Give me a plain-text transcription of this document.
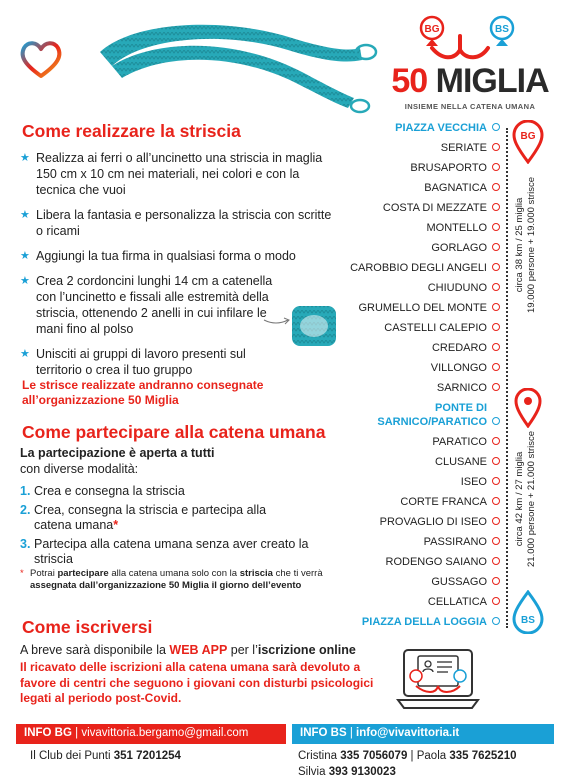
BG	BS
50 MIGLIA
INSIEME NELLA CATENA UMANA
Come realizzare la striscia
★ Realizza ai ferri o all’uncinetto una striscia in maglia 150 cm x 10 cm nei materiali, nei colori e con la tecnica che vuoi
★ Libera la fantasia e personalizza la striscia con scritte o ricami
★ Aggiungi la tua firma in qualsiasi forma o modo
★ Crea 2 cordoncini lunghi 14 cm a catenella con l’uncinetto e fissali alle estremità della striscia, ottenendo 2 anelli in cui infilare le mani fino al polso
★ Unisciti ai gruppi di lavoro presenti sul territorio o crea il tuo gruppo
Le strisce realizzate andranno consegnate all’organizzazione 50 Miglia
Come partecipare alla catena umana
La partecipazione è aperta a tutti
con diverse modalità:
1. Crea e consegna la striscia
2. Crea, consegna la striscia e partecipa alla catena umana*
3. Partecipa alla catena umana senza aver creato la striscia
* Potrai partecipare alla catena umana solo con la striscia che ti verrà assegnata dall’organizzazione 50 Miglia il giorno dell’evento
Come iscriversi
A breve sarà disponibile la WEB APP per l’iscrizione online
Il ricavato delle iscrizioni alla catena umana sarà devoluto a favore di centri che seguono i giovani con disturbi psicologici legati al periodo post-Covid.
INFO BG | vivavittoria.bergamo@gmail.com	INFO BS | info@vivavittoria.it
Il Club dei Punti 351 7201254	Cristina 335 7056079 | Paola 335 7625210
Silvia 393 9130023
PIAZZA VECCHIA
SERIATE
BRUSAPORTO
BAGNATICA
COSTA DI MEZZATE
MONTELLO
GORLAGO
CAROBBIO DEGLI ANGELI
CHIUDUNO
GRUMELLO DEL MONTE
CASTELLI CALEPIO
CREDARO
VILLONGO
SARNICO
PONTE DI
SARNICO/PARATICO
PARATICO
CLUSANE
ISEO
CORTE FRANCA
PROVAGLIO DI ISEO
PASSIRANO
RODENGO SAIANO
GUSSAGO
CELLATICA
PIAZZA DELLA LOGGIA
BG
BS
circa 38 km / 25 miglia 19.000 persone + 19.000 strisce
circa 42 km / 27 miglia 21.000 persone + 21.000 strisce
